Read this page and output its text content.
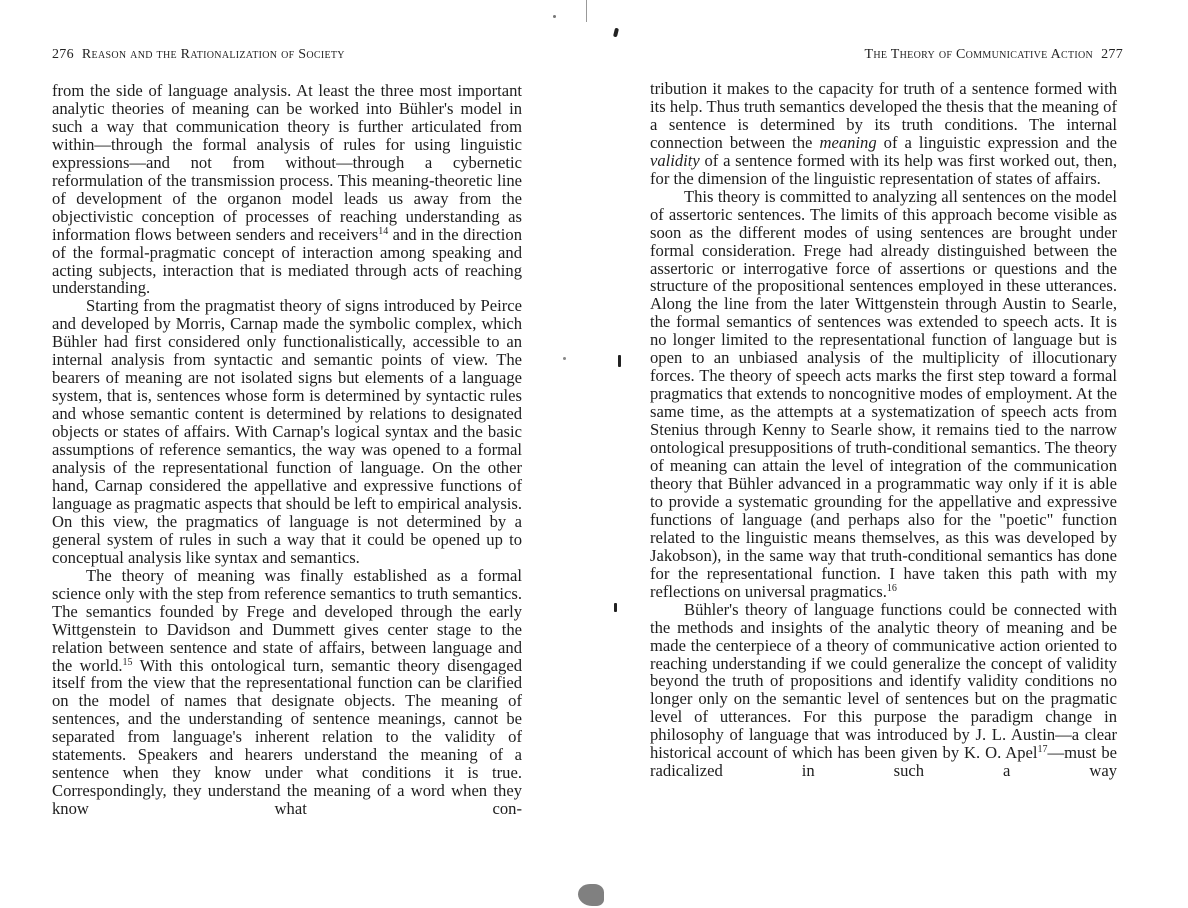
276 Reason and the Rationalization of Society

from the side of language analysis. At least the three most important analytic theories of meaning can be worked into Bühler's model in such a way that communication theory is further articulated from within—through the formal analysis of rules for using linguistic expressions—and not from without—through a cybernetic reformulation of the transmission process. This meaning-theoretic line of development of the organon model leads us away from the objectivistic conception of processes of reaching understanding as information flows between senders and receivers$^{14}$ and in the direction of the formal-pragmatic concept of interaction among speaking and acting subjects, interaction that is mediated through acts of reaching understanding.

Starting from the pragmatist theory of signs introduced by Peirce and developed by Morris, Carnap made the symbolic complex, which Bühler had first considered only functionalistically, accessible to an internal analysis from syntactic and semantic points of view. The bearers of meaning are not isolated signs but elements of a language system, that is, sentences whose form is determined by syntactic rules and whose semantic content is determined by relations to designated objects or states of affairs. With Carnap's logical syntax and the basic assumptions of reference semantics, the way was opened to a formal analysis of the representational function of language. On the other hand, Carnap considered the appellative and expressive functions of language as pragmatic aspects that should be left to empirical analysis. On this view, the pragmatics of language is not determined by a general system of rules in such a way that it could be opened up to conceptual analysis like syntax and semantics.

The theory of meaning was finally established as a formal science only with the step from reference semantics to truth semantics. The semantics founded by Frege and developed through the early Wittgenstein to Davidson and Dummett gives center stage to the relation between sentence and state of affairs, between language and the world.$^{15}$ With this ontological turn, semantic theory disengaged itself from the view that the representational function can be clarified on the model of names that designate objects. The meaning of sentences, and the understanding of sentence meanings, cannot be separated from language's inherent relation to the validity of statements. Speakers and hearers understand the meaning of a sentence when they know under what conditions it is true. Correspondingly, they understand the meaning of a word when they know what con-

The Theory of Communicative Action 277

tribution it makes to the capacity for truth of a sentence formed with its help. Thus truth semantics developed the thesis that the meaning of a sentence is determined by its truth conditions. The internal connection between the meaning of a linguistic expression and the validity of a sentence formed with its help was first worked out, then, for the dimension of the linguistic representation of states of affairs.

This theory is committed to analyzing all sentences on the model of assertoric sentences. The limits of this approach become visible as soon as the different modes of using sentences are brought under formal consideration. Frege had already distinguished between the assertoric or interrogative force of assertions or questions and the structure of the propositional sentences employed in these utterances. Along the line from the later Wittgenstein through Austin to Searle, the formal semantics of sentences was extended to speech acts. It is no longer limited to the representational function of language but is open to an unbiased analysis of the multiplicity of illocutionary forces. The theory of speech acts marks the first step toward a formal pragmatics that extends to noncognitive modes of employment. At the same time, as the attempts at a systematization of speech acts from Stenius through Kenny to Searle show, it remains tied to the narrow ontological presuppositions of truth-conditional semantics. The theory of meaning can attain the level of integration of the communication theory that Bühler advanced in a programmatic way only if it is able to provide a systematic grounding for the appellative and expressive functions of language (and perhaps also for the "poetic" function related to the linguistic means themselves, as this was developed by Jakobson), in the same way that truth-conditional semantics has done for the representational function. I have taken this path with my reflections on universal pragmatics.$^{16}$

Bühler's theory of language functions could be connected with the methods and insights of the analytic theory of meaning and be made the centerpiece of a theory of communicative action oriented to reaching understanding if we could generalize the concept of validity beyond the truth of propositions and identify validity conditions no longer only on the semantic level of sentences but on the pragmatic level of utterances. For this purpose the paradigm change in philosophy of language that was introduced by J. L. Austin—a clear historical account of which has been given by K. O. Apel$^{17}$—must be radicalized in such a way
